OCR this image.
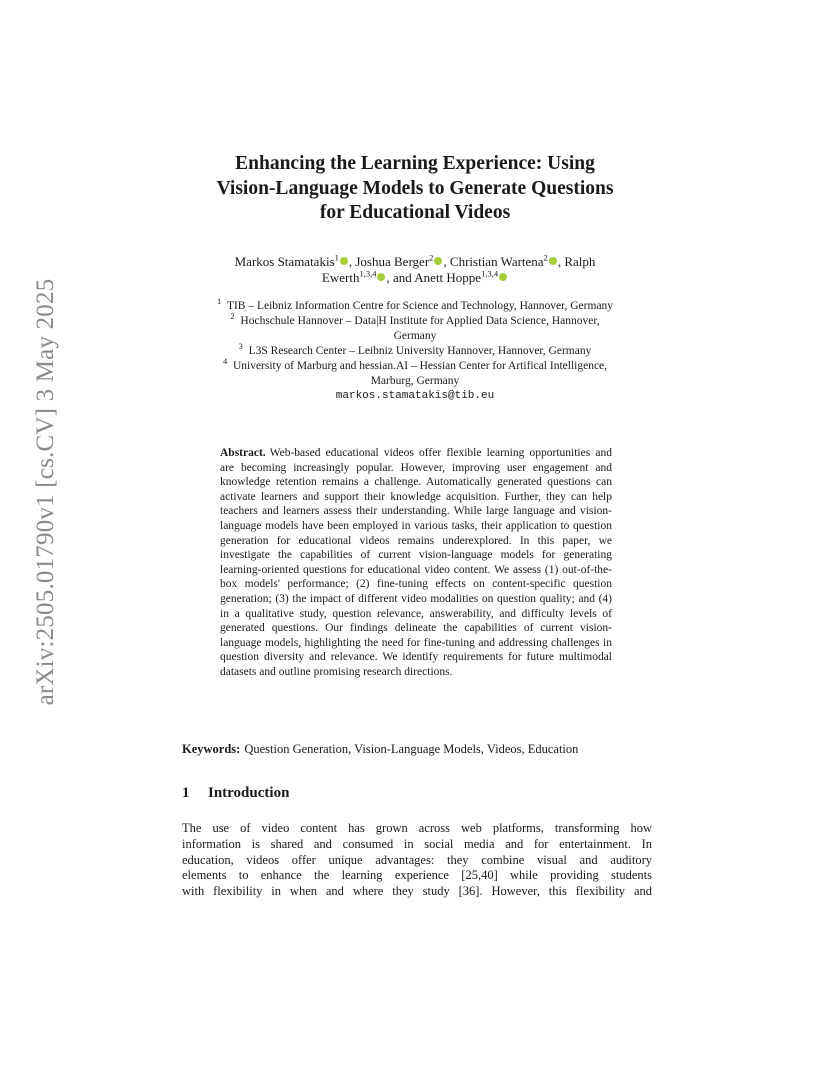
arXiv:2505.01790v1 [cs.CV] 3 May 2025
Enhancing the Learning Experience: Using
Vision-Language Models to Generate Questions
for Educational Videos
Markos Stamatakis$^1$ , Joshua Berger$^2$ , Christian Wartena$^2$ , Ralph
Ewerth$^{1,3,4}$ , and Anett Hoppe$^{1,3,4}$
$^1$ TIB – Leibniz Information Centre for Science and Technology, Hannover, Germany
$^2$ Hochschule Hannover – Data|H Institute for Applied Data Science, Hannover,
Germany
$^3$ L3S Research Center – Leibniz University Hannover, Hannover, Germany
$^4$ University of Marburg and hessian.AI – Hessian Center for Artifical Intelligence,
Marburg, Germany
markos.stamatakis@tib.eu
Abstract. Web-based educational videos offer flexible learning opportunities and are becoming increasingly popular. However, improving user engagement and knowledge retention remains a challenge. Automatically generated questions can activate learners and support their knowledge acquisition. Further, they can help teachers and learners assess their understanding. While large language and vision-language models have been employed in various tasks, their application to question generation for educational videos remains underexplored. In this paper, we investigate the capabilities of current vision-language models for generating learning-oriented questions for educational video content. We assess (1) out-of-the-box models' performance; (2) fine-tuning effects on content-specific question generation; (3) the impact of different video modalities on question quality; and (4) in a qualitative study, question relevance, answerability, and difficulty levels of generated questions. Our findings delineate the capabilities of current vision-language models, highlighting the need for fine-tuning and addressing challenges in question diversity and relevance. We identify requirements for future multimodal datasets and outline promising research directions.
Keywords: Question Generation, Vision-Language Models, Videos, Education
1 Introduction
The use of video content has grown across web platforms, transforming how
information is shared and consumed in social media and for entertainment. In
education, videos offer unique advantages: they combine visual and auditory
elements to enhance the learning experience [25,40] while providing students
with flexibility in when and where they study [36]. However, this flexibility and
